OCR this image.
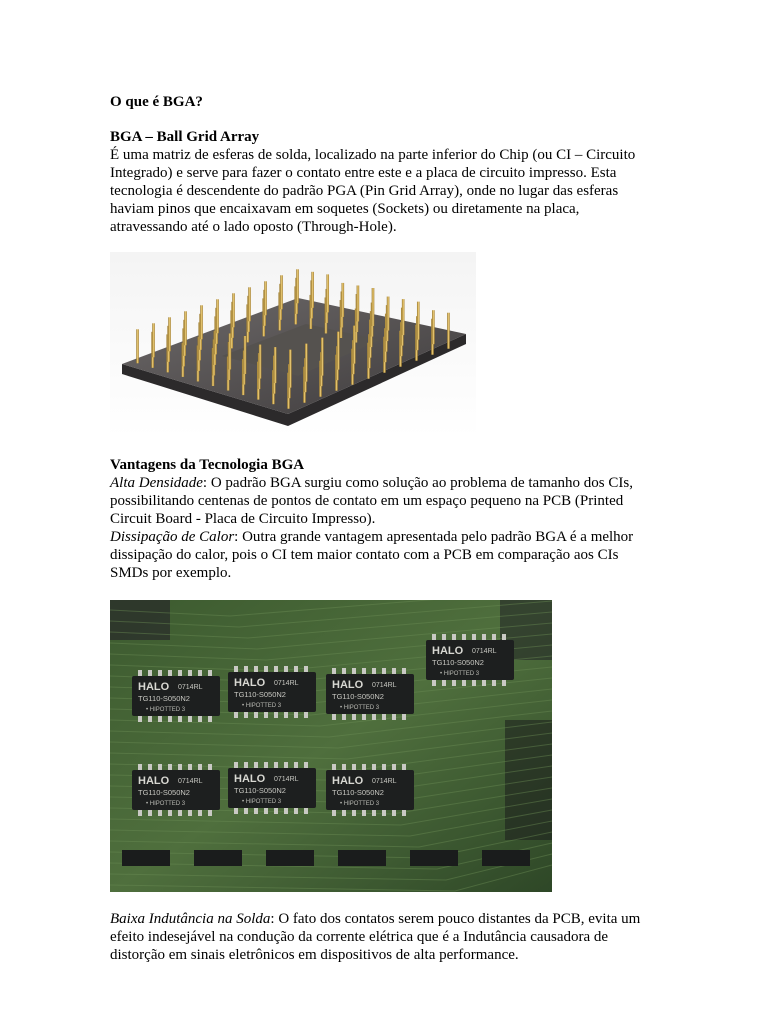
O que é BGA?

BGA – Ball Grid Array

É uma matriz de esferas de solda, localizado na parte inferior do Chip (ou CI – Circuito
Integrado) e serve para fazer o contato entre este e a placa de circuito impresso. Esta
tecnologia é descendente do padrão PGA (Pin Grid Array), onde no lugar das esferas
haviam pinos que encaixavam em soquetes (Sockets) ou diretamente na placa,
atravessando até o lado oposto (Through-Hole).

Vantagens da Tecnologia BGA

Alta Densidade: O padrão BGA surgiu como solução ao problema de tamanho dos CIs,
possibilitando centenas de pontos de contato em um espaço pequeno na PCB (Printed
Circuit Board - Placa de Circuito Impresso).

Dissipação de Calor: Outra grande vantagem apresentada pelo padrão BGA é a melhor
dissipação do calor, pois o CI tem maior contato com a PCB em comparação aos CIs
SMDs por exemplo.

HALO 0714RL
TG110-S050N2
• HIPOTTED 3
HALO 0714RL
TG110-S050N2
• HIPOTTED 3
HALO 0714RL
TG110-S050N2
• HIPOTTED 3
HALO 0714RL
TG110-S050N2
• HIPOTTED 3
HALO 0714RL
TG110-S050N2
• HIPOTTED 3
HALO 0714RL
TG110-S050N2
• HIPOTTED 3
HALO 0714RL
TG110-S050N2
• HIPOTTED 3

Baixa Indutância na Solda: O fato dos contatos serem pouco distantes da PCB, evita um
efeito indesejável na condução da corrente elétrica que é a Indutância causadora de
distorção em sinais eletrônicos em dispositivos de alta performance.
